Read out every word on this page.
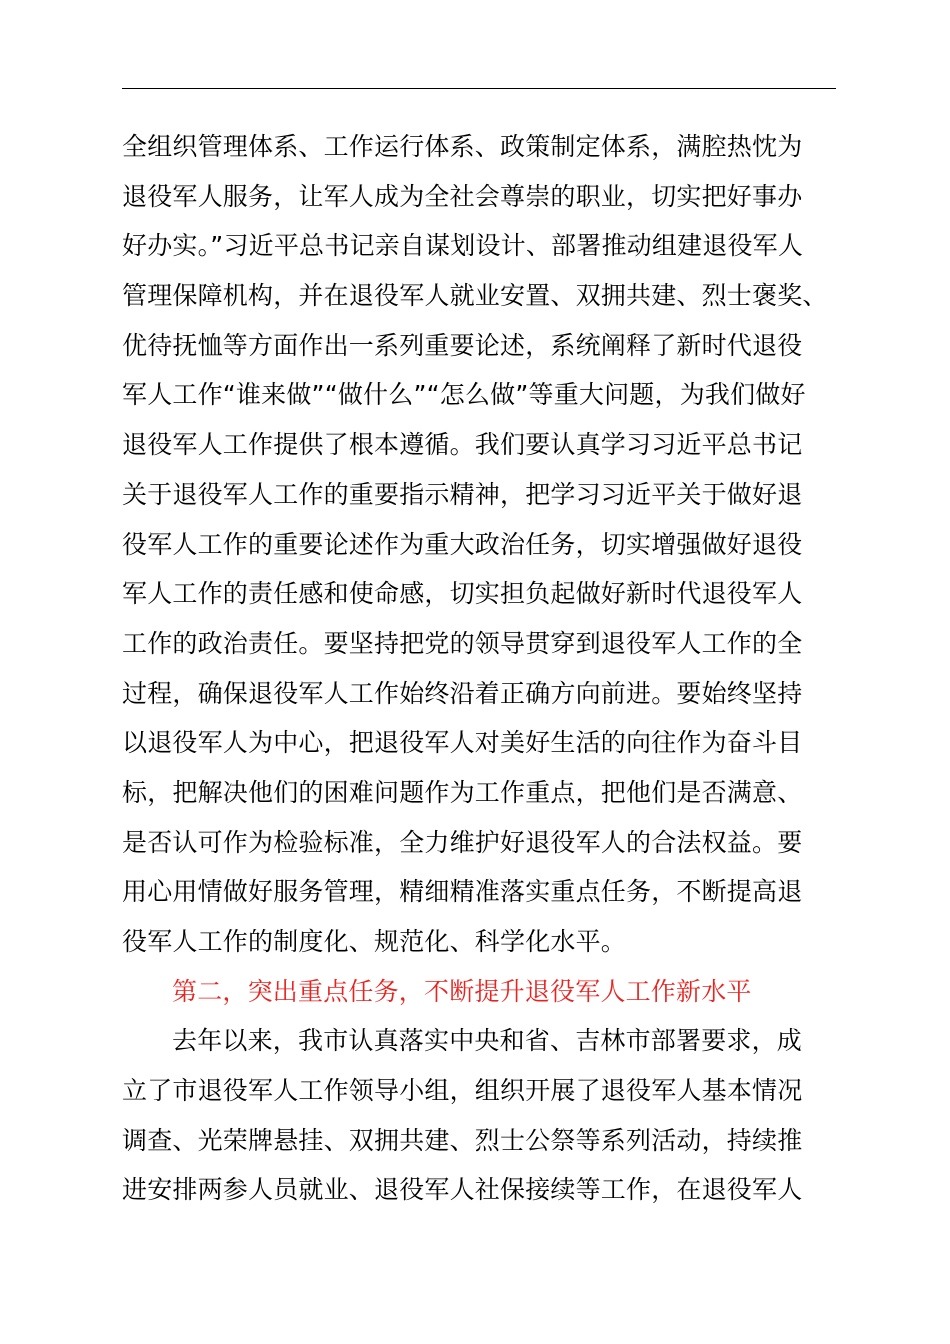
全组织管理体系、工作运行体系、政策制定体系，满腔热忱为
退役军人服务，让军人成为全社会尊崇的职业，切实把好事办
好办实。”习近平总书记亲自谋划设计、部署推动组建退役军人
管理保障机构，并在退役军人就业安置、双拥共建、烈士褒奖、
优待抚恤等方面作出一系列重要论述，系统阐释了新时代退役
军人工作“谁来做”“做什么”“怎么做”等重大问题，为我们做好
退役军人工作提供了根本遵循。我们要认真学习习近平总书记
关于退役军人工作的重要指示精神，把学习习近平关于做好退
役军人工作的重要论述作为重大政治任务，切实增强做好退役
军人工作的责任感和使命感，切实担负起做好新时代退役军人
工作的政治责任。要坚持把党的领导贯穿到退役军人工作的全
过程，确保退役军人工作始终沿着正确方向前进。要始终坚持
以退役军人为中心，把退役军人对美好生活的向往作为奋斗目
标，把解决他们的困难问题作为工作重点，把他们是否满意、
是否认可作为检验标准，全力维护好退役军人的合法权益。要
用心用情做好服务管理，精细精准落实重点任务，不断提高退
役军人工作的制度化、规范化、科学化水平。
第二，突出重点任务，不断提升退役军人工作新水平
去年以来，我市认真落实中央和省、吉林市部署要求，成
立了市退役军人工作领导小组，组织开展了退役军人基本情况
调查、光荣牌悬挂、双拥共建、烈士公祭等系列活动，持续推
进安排两参人员就业、退役军人社保接续等工作，在退役军人
